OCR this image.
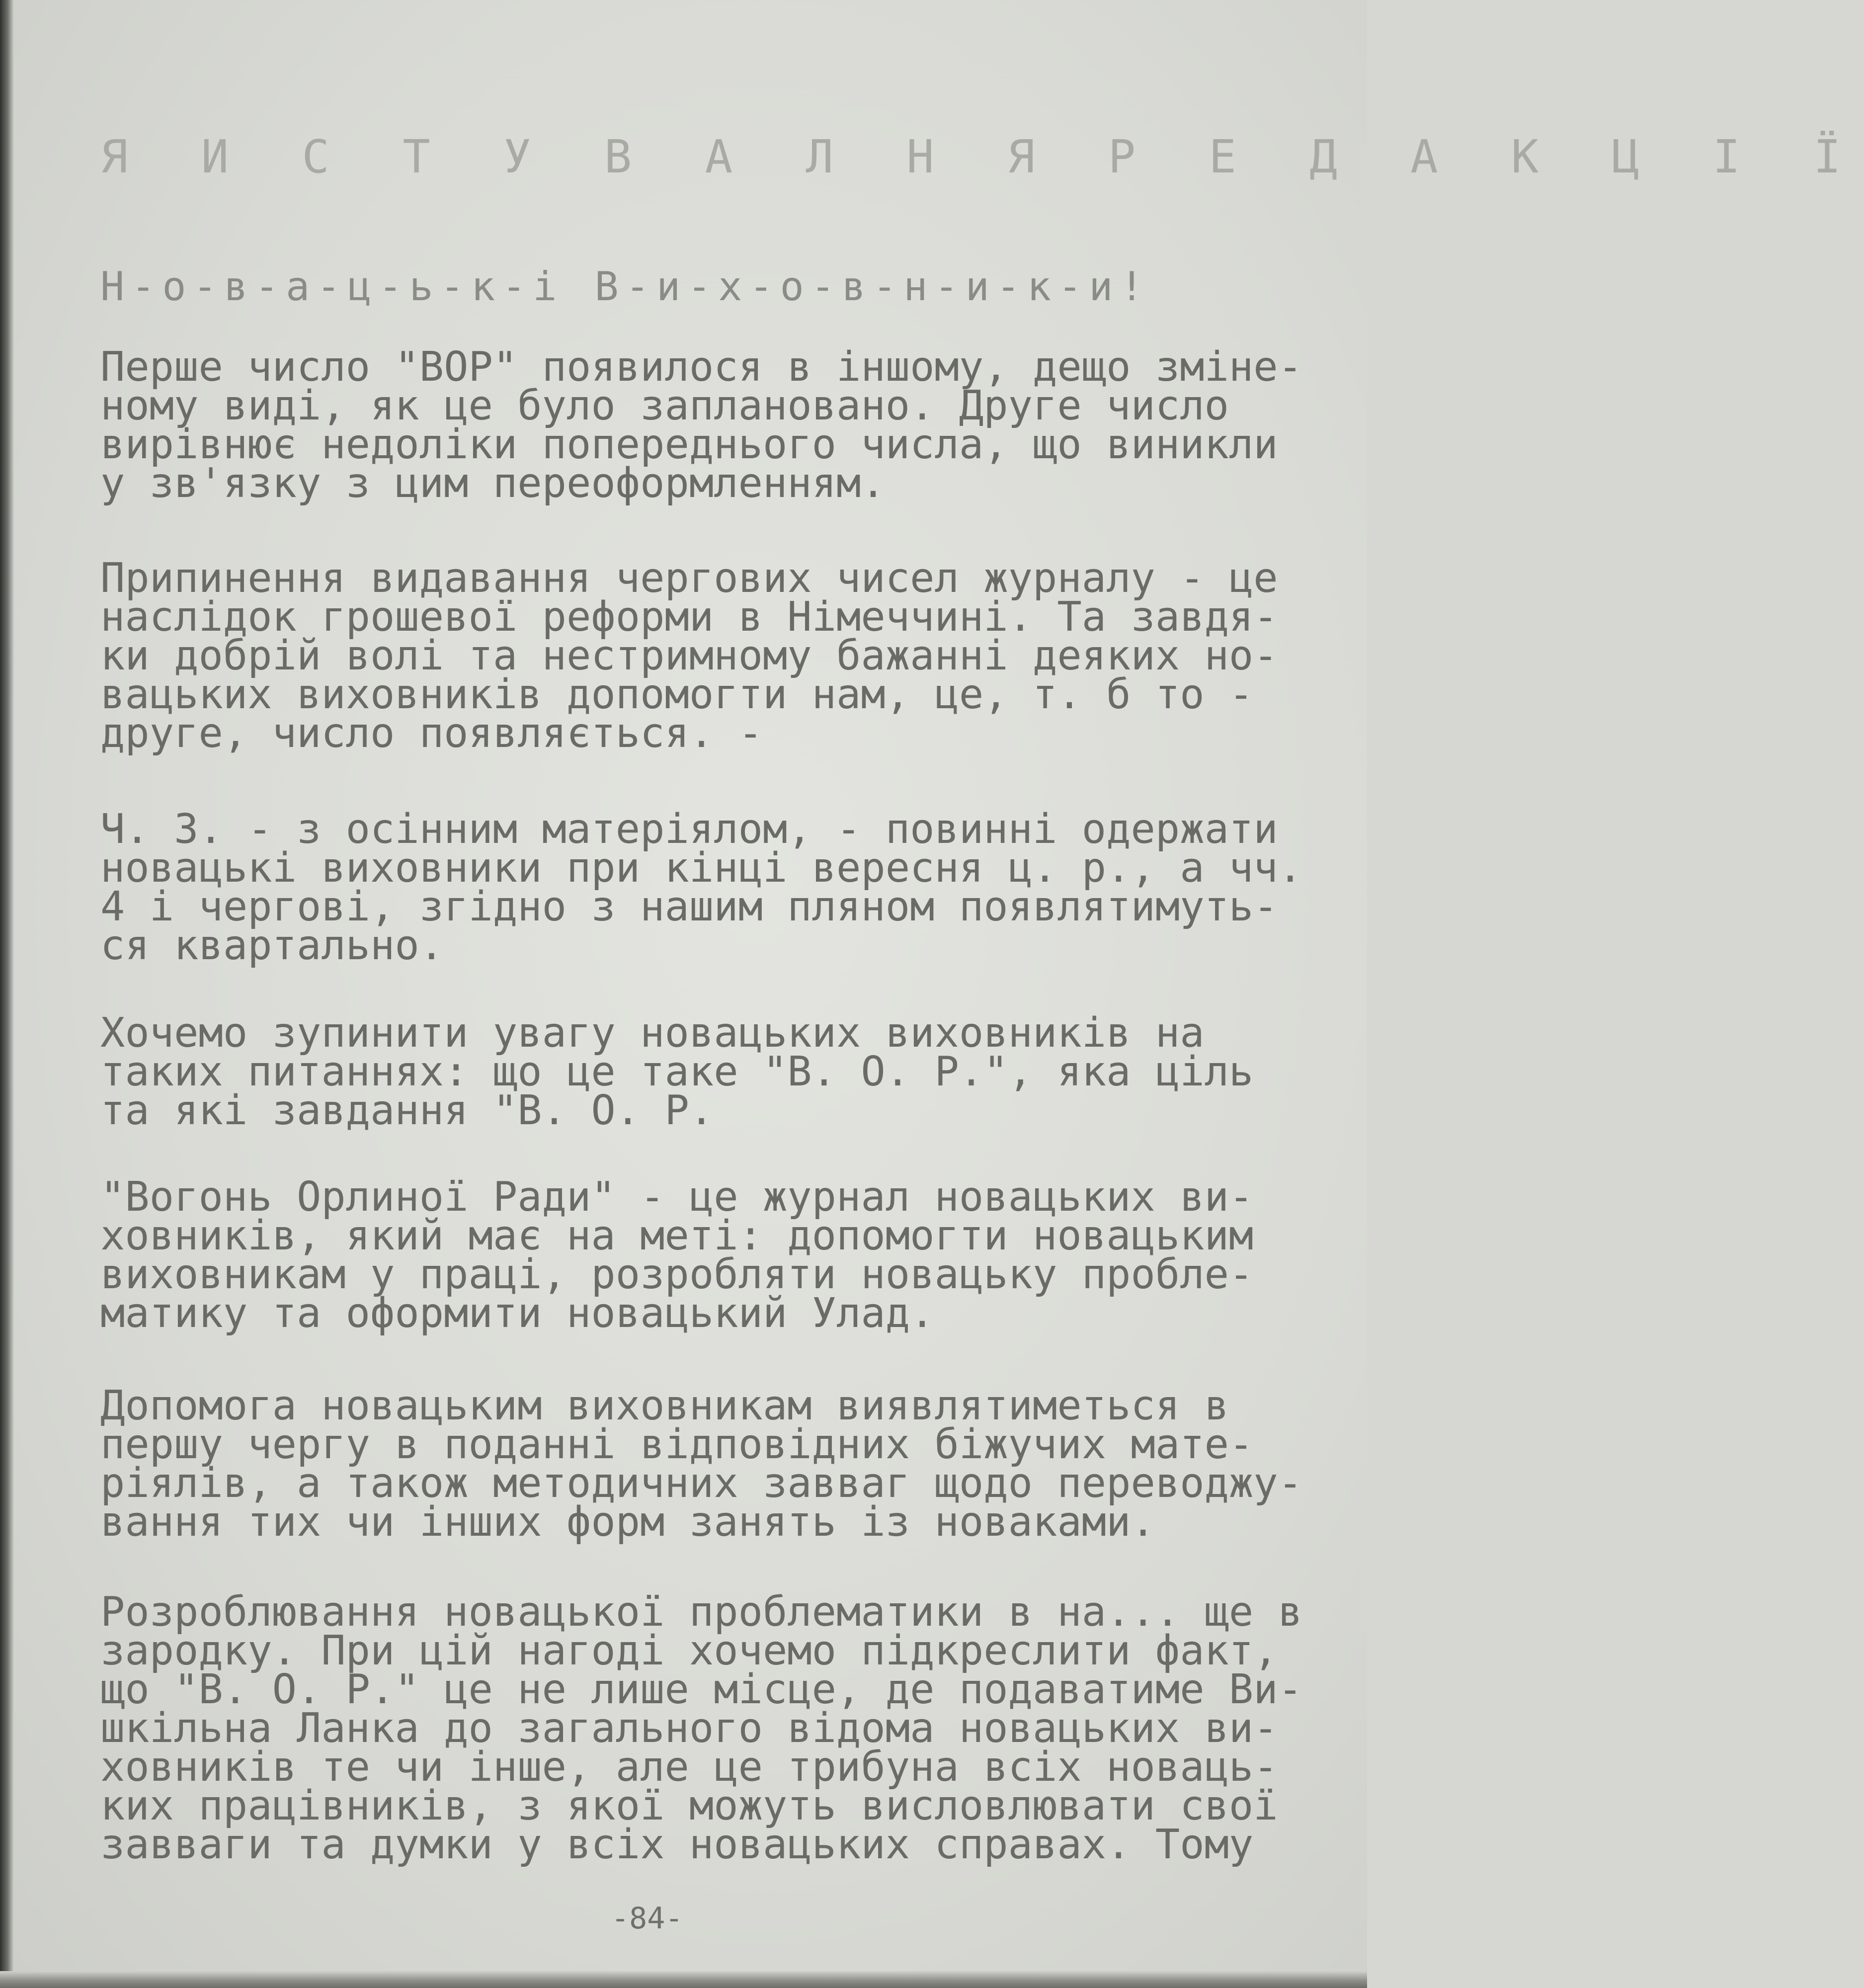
Я И С Т У В А Л Н Я Р Е Д А К Ц І Ї
Н-о-в-а-ц-ь-к-і В-и-х-о-в-н-и-к-и!

Перше число "ВОР" появилося в іншому, дещо зміне-
ному виді, як це було заплановано. Друге число
вирівнює недоліки попереднього числа, що виникли
у зв'язку з цим переоформленням.

Припинення видавання чергових чисел журналу - це
наслідок грошевої реформи в Німеччині. Та завдя-
ки добрій волі та нестримному бажанні деяких но-
вацьких виховників допомогти нам, це, т. б то -
друге, число появляється. -

Ч. 3. - з осінним матеріялом, - повинні одержати
новацькі виховники при кінці вересня ц. р., а чч.
4 і чергові, згідно з нашим пляном появлятимуть-
ся квартально.

Хочемо зупинити увагу новацьких виховників на
таких питаннях: що це таке "В. О. Р.", яка ціль
та які завдання "В. О. Р.

"Вогонь Орлиної Ради" - це журнал новацьких ви-
ховників, який має на меті: допомогти новацьким
виховникам у праці, розробляти новацьку пробле-
матику та оформити новацький Улад.

Допомога новацьким виховникам виявлятиметься в
першу чергу в поданні відповідних біжучих мате-
ріялів, а також методичних завваг щодо переводжу-
вання тих чи інших форм занять із новаками.

Розроблювання новацької проблематики в на... ще в
зародку. При цій нагоді хочемо підкреслити факт,
що "В. О. Р." це не лише місце, де подаватиме Ви-
шкільна Ланка до загального відома новацьких ви-
ховників те чи інше, але це трибуна всіх новаць-
ких працівників, з якої можуть висловлювати свої
завваги та думки у всіх новацьких справах. Тому

-84-
